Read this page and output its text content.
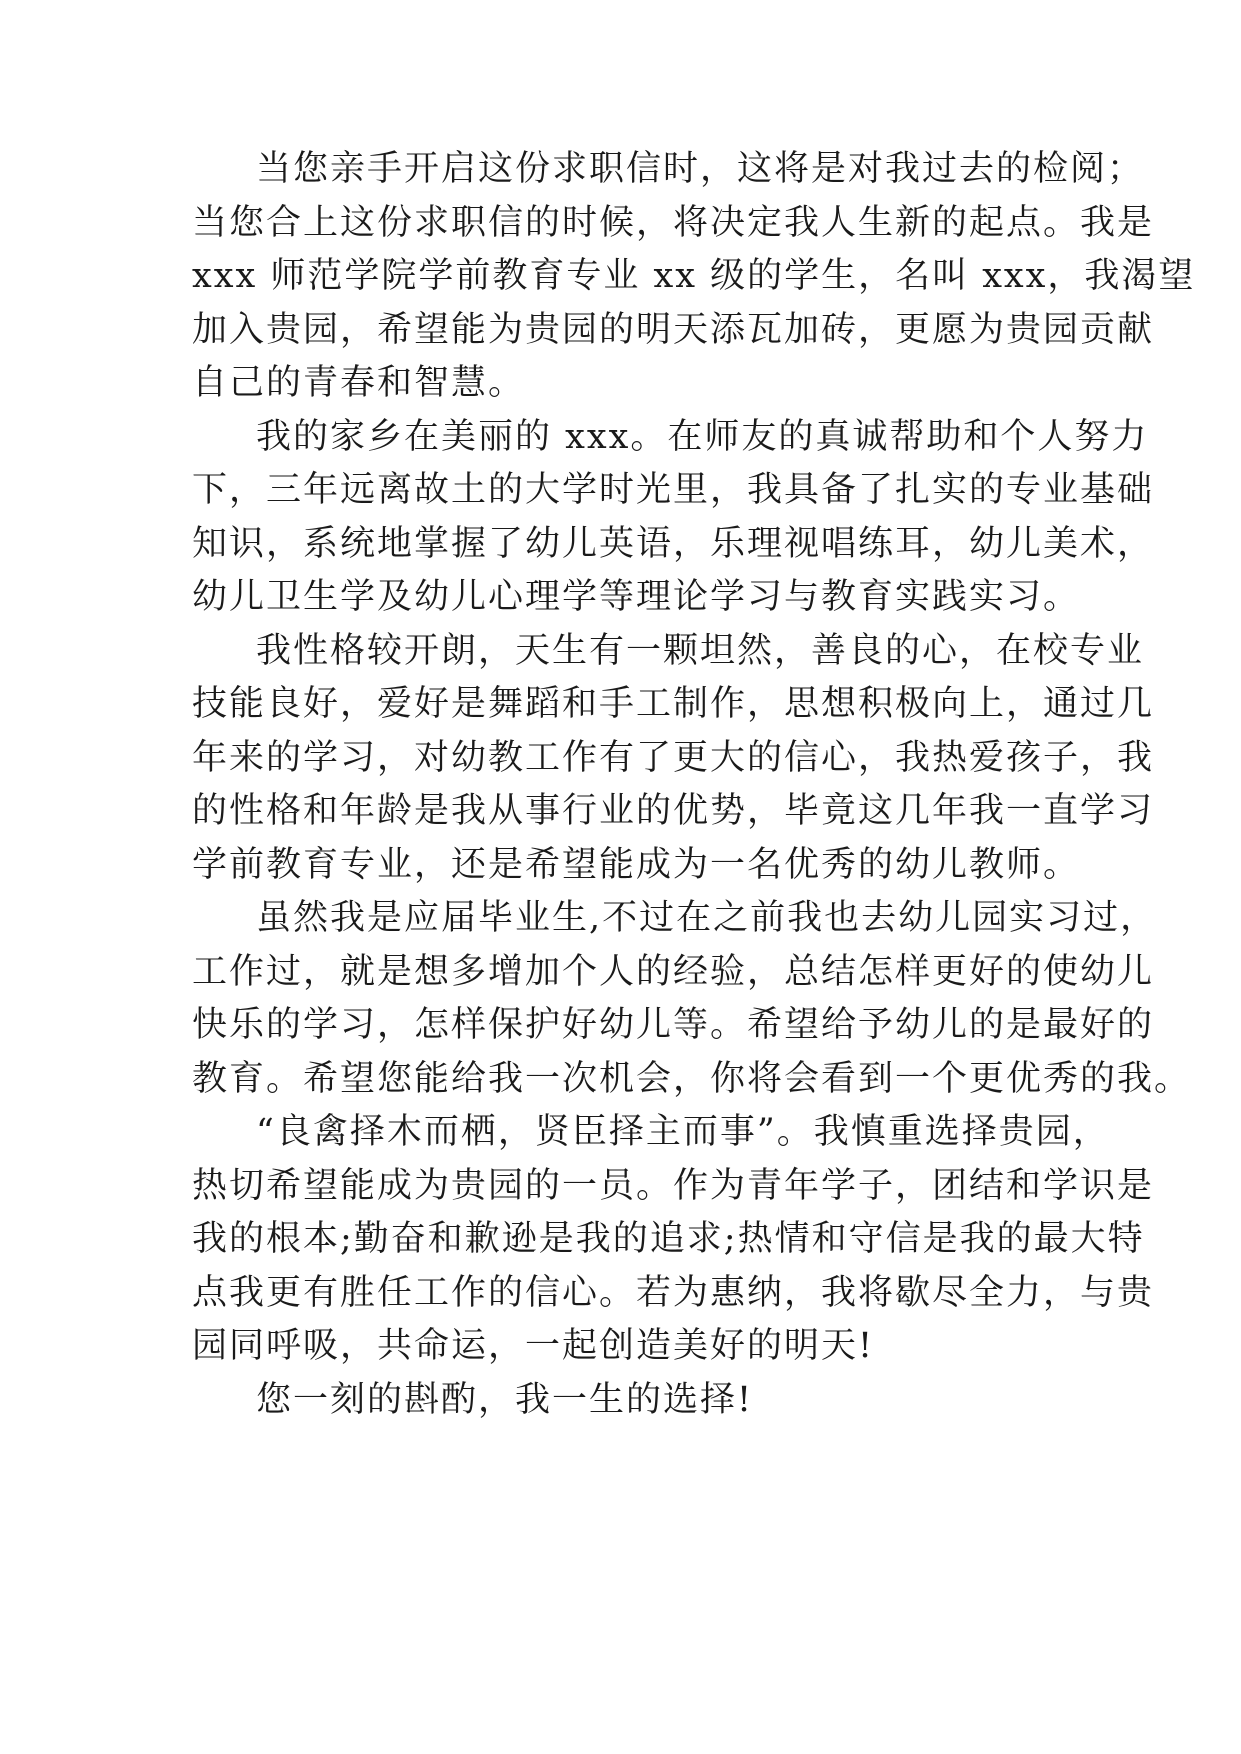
当您亲手开启这份求职信时，这将是对我过去的检阅；
当您合上这份求职信的时候，将决定我人生新的起点。我是
xxx 师范学院学前教育专业 xx 级的学生，名叫 xxx，我渴望
加入贵园，希望能为贵园的明天添瓦加砖，更愿为贵园贡献
自己的青春和智慧。
我的家乡在美丽的 xxx。在师友的真诚帮助和个人努力
下，三年远离故土的大学时光里，我具备了扎实的专业基础
知识，系统地掌握了幼儿英语，乐理视唱练耳，幼儿美术，
幼儿卫生学及幼儿心理学等理论学习与教育实践实习。
我性格较开朗，天生有一颗坦然，善良的心，在校专业
技能良好，爱好是舞蹈和手工制作，思想积极向上，通过几
年来的学习，对幼教工作有了更大的信心，我热爱孩子，我
的性格和年龄是我从事行业的优势，毕竟这几年我一直学习
学前教育专业，还是希望能成为一名优秀的幼儿教师。
虽然我是应届毕业生,不过在之前我也去幼儿园实习过，
工作过，就是想多增加个人的经验，总结怎样更好的使幼儿
快乐的学习，怎样保护好幼儿等。希望给予幼儿的是最好的
教育。希望您能给我一次机会，你将会看到一个更优秀的我。
“良禽择木而栖，贤臣择主而事”。我慎重选择贵园，
热切希望能成为贵园的一员。作为青年学子，团结和学识是
我的根本;勤奋和歉逊是我的追求;热情和守信是我的最大特
点我更有胜任工作的信心。若为惠纳，我将歇尽全力，与贵
园同呼吸，共命运，一起创造美好的明天!
您一刻的斟酌，我一生的选择!
